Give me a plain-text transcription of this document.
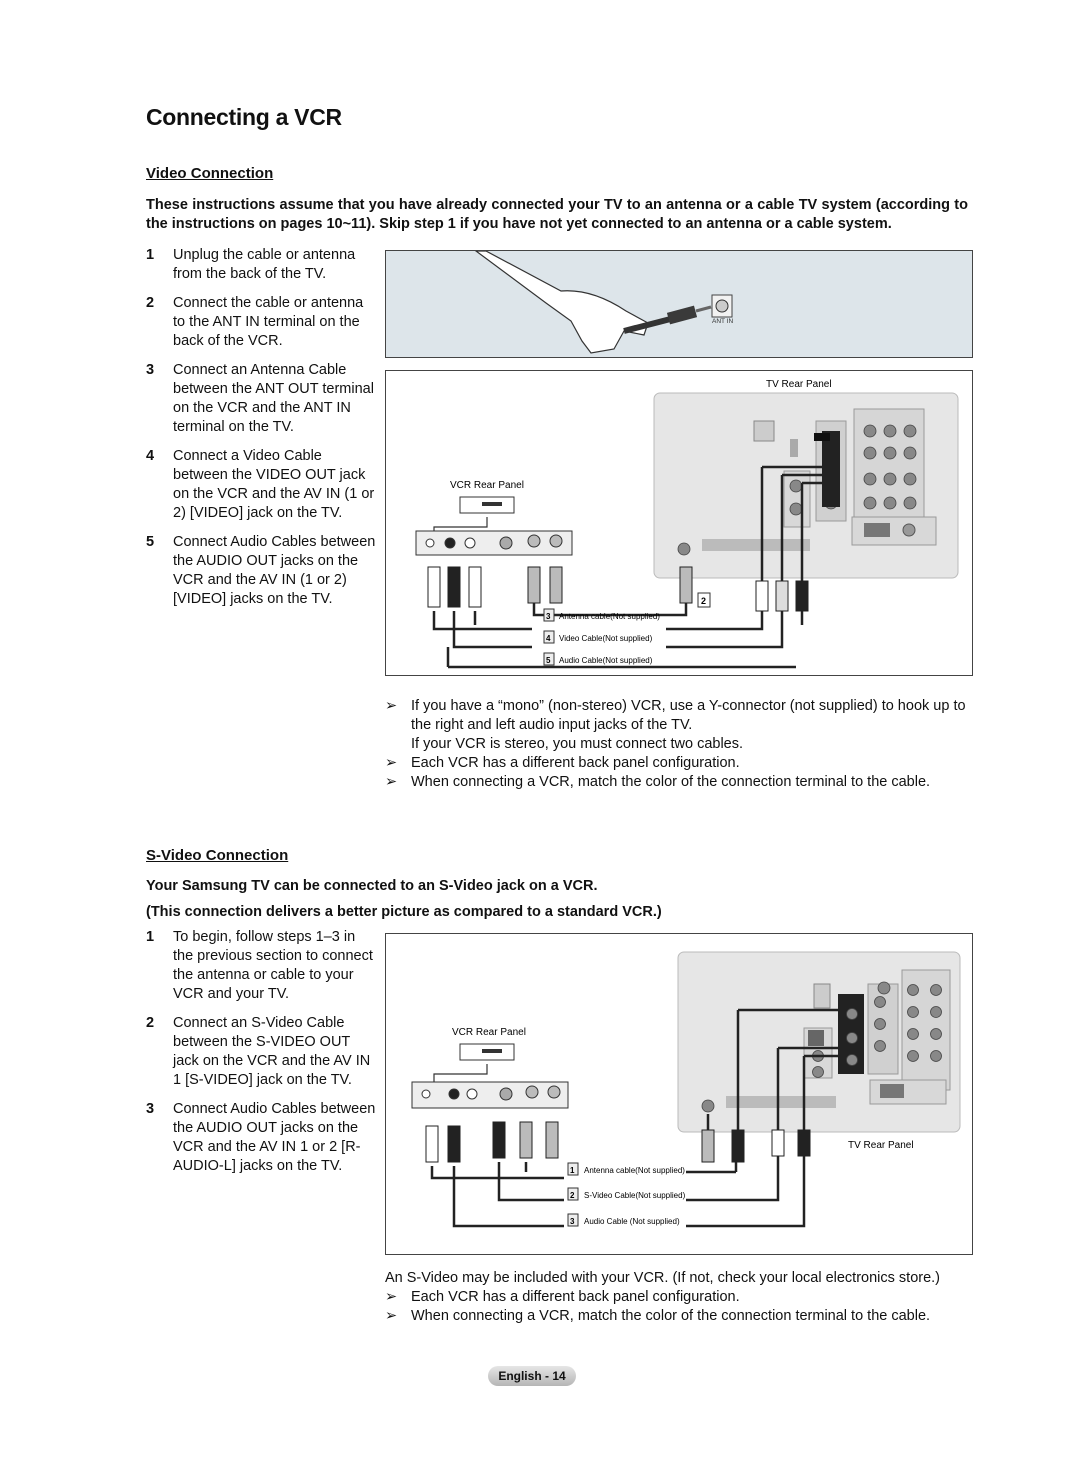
Connecting a VCR
Video Connection
These instructions assume that you have already connected your TV to an antenna or a cable TV system (according to the instructions on pages 10~11). Skip step 1 if you have not yet connected to an antenna or a cable system.
1	Unplug the cable or antenna from the back of the TV.
2	Connect the cable or antenna to the ANT IN terminal on the back of the VCR.
3	Connect an Antenna Cable between the ANT OUT terminal on the VCR and the ANT IN terminal on the TV.
4	Connect a Video Cable between the VIDEO OUT jack on the VCR and the AV IN (1 or 2) [VIDEO] jack on the TV.
5	Connect Audio Cables between the AUDIO OUT jacks on the VCR and the AV IN (1 or 2) [VIDEO] jacks on the TV.
ANT IN
TV Rear Panel
VCR Rear Panel
2
3 Antenna cable(Not supplied)
4 Video Cable(Not supplied)
5 Audio Cable(Not supplied)
➢ If you have a “mono” (non-stereo) VCR, use a Y-connector (not supplied) to hook up to the right and left audio input jacks of the TV.
If your VCR is stereo, you must connect two cables.
➢ Each VCR has a different back panel configuration.
➢ When connecting a VCR, match the color of the connection terminal to the cable.
S-Video Connection
Your Samsung TV can be connected to an S-Video jack on a VCR.
(This connection delivers a better picture as compared to a standard VCR.)
1	To begin, follow steps 1–3 in the previous section to connect the antenna or cable to your VCR and your TV.
2	Connect an S-Video Cable between the S-VIDEO OUT jack on the VCR and the AV IN 1 [S-VIDEO] jack on the TV.
3	Connect Audio Cables between the AUDIO OUT jacks on the VCR and the AV IN 1 or 2 [R-AUDIO-L] jacks on the TV.
VCR Rear Panel
TV Rear Panel
1 Antenna cable(Not supplied)
2 S-Video Cable(Not supplied)
3 Audio Cable (Not supplied)
An S-Video may be included with your VCR. (If not, check your local electronics store.)
➢ Each VCR has a different back panel configuration.
➢ When connecting a VCR, match the color of the connection terminal to the cable.
English - 14
